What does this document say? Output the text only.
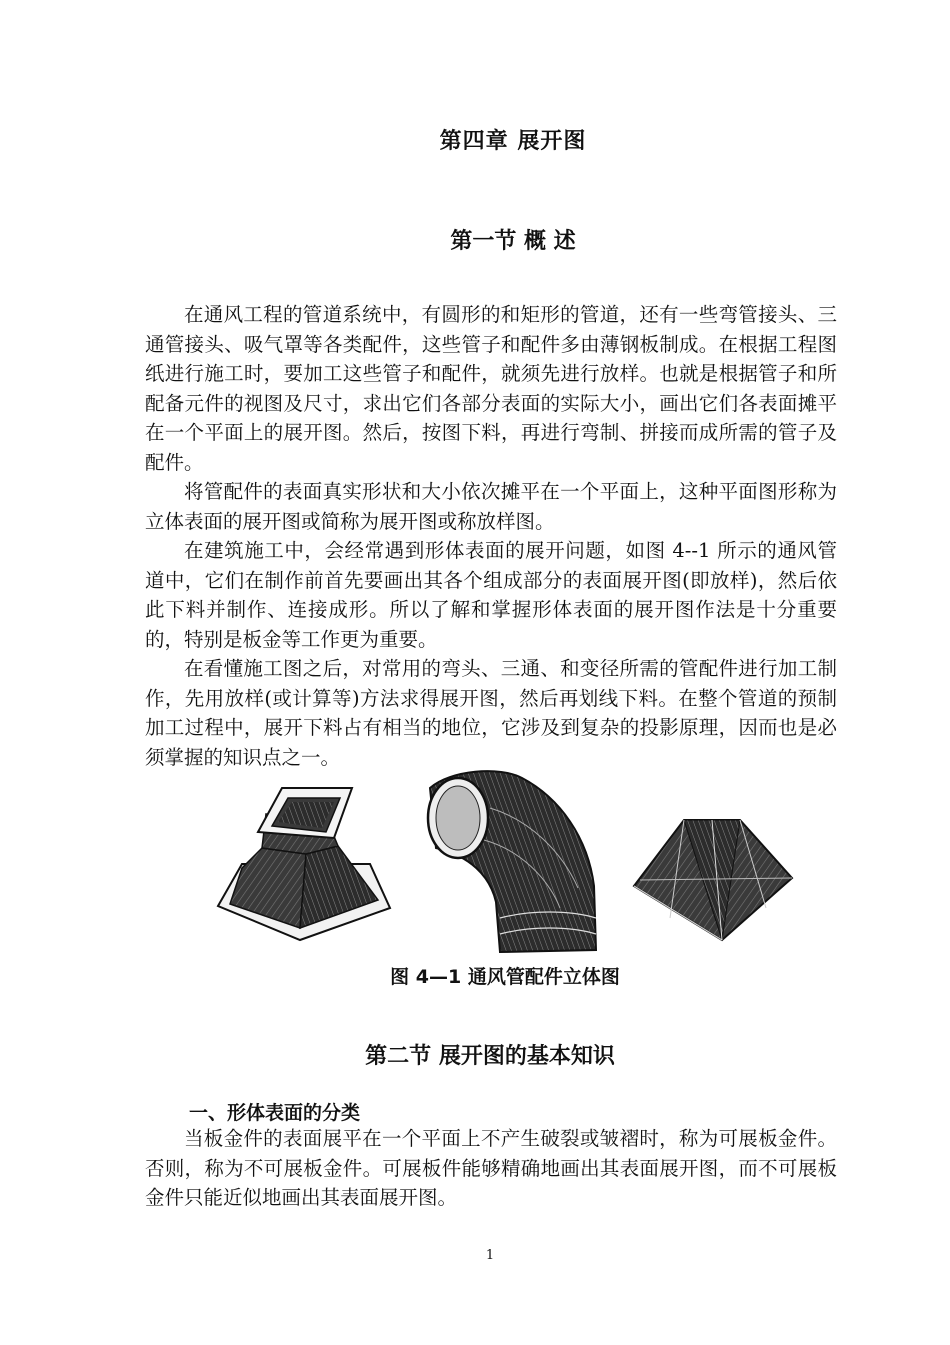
第四章 展开图
第一节 概 述

在通风工程的管道系统中，有圆形的和矩形的管道，还有一些弯管接头、三通管接头、吸气罩等各类配件，这些管子和配件多由薄钢板制成。在根据工程图纸进行施工时，要加工这些管子和配件，就须先进行放样。也就是根据管子和所配备元件的视图及尺寸，求出它们各部分表面的实际大小，画出它们各表面摊平在一个平面上的展开图。然后，按图下料，再进行弯制、拼接而成所需的管子及配件。

将管配件的表面真实形状和大小依次摊平在一个平面上，这种平面图形称为立体表面的展开图或简称为展开图或称放样图。

在建筑施工中，会经常遇到形体表面的展开问题，如图 4--1 所示的通风管道中，它们在制作前首先要画出其各个组成部分的表面展开图(即放样)，然后依此下料并制作、连接成形。所以了解和掌握形体表面的展开图作法是十分重要的，特别是板金等工作更为重要。

在看懂施工图之后，对常用的弯头、三通、和变径所需的管配件进行加工制作，先用放样(或计算等)方法求得展开图，然后再划线下料。在整个管道的预制加工过程中，展开下料占有相当的地位，它涉及到复杂的投影原理，因而也是必须掌握的知识点之一。

图 4—1 通风管配件立体图
第二节 展开图的基本知识
一、形体表面的分类

当板金件的表面展平在一个平面上不产生破裂或皱褶时，称为可展板金件。否则，称为不可展板金件。可展板件能够精确地画出其表面展开图，而不可展板金件只能近似地画出其表面展开图。

1
